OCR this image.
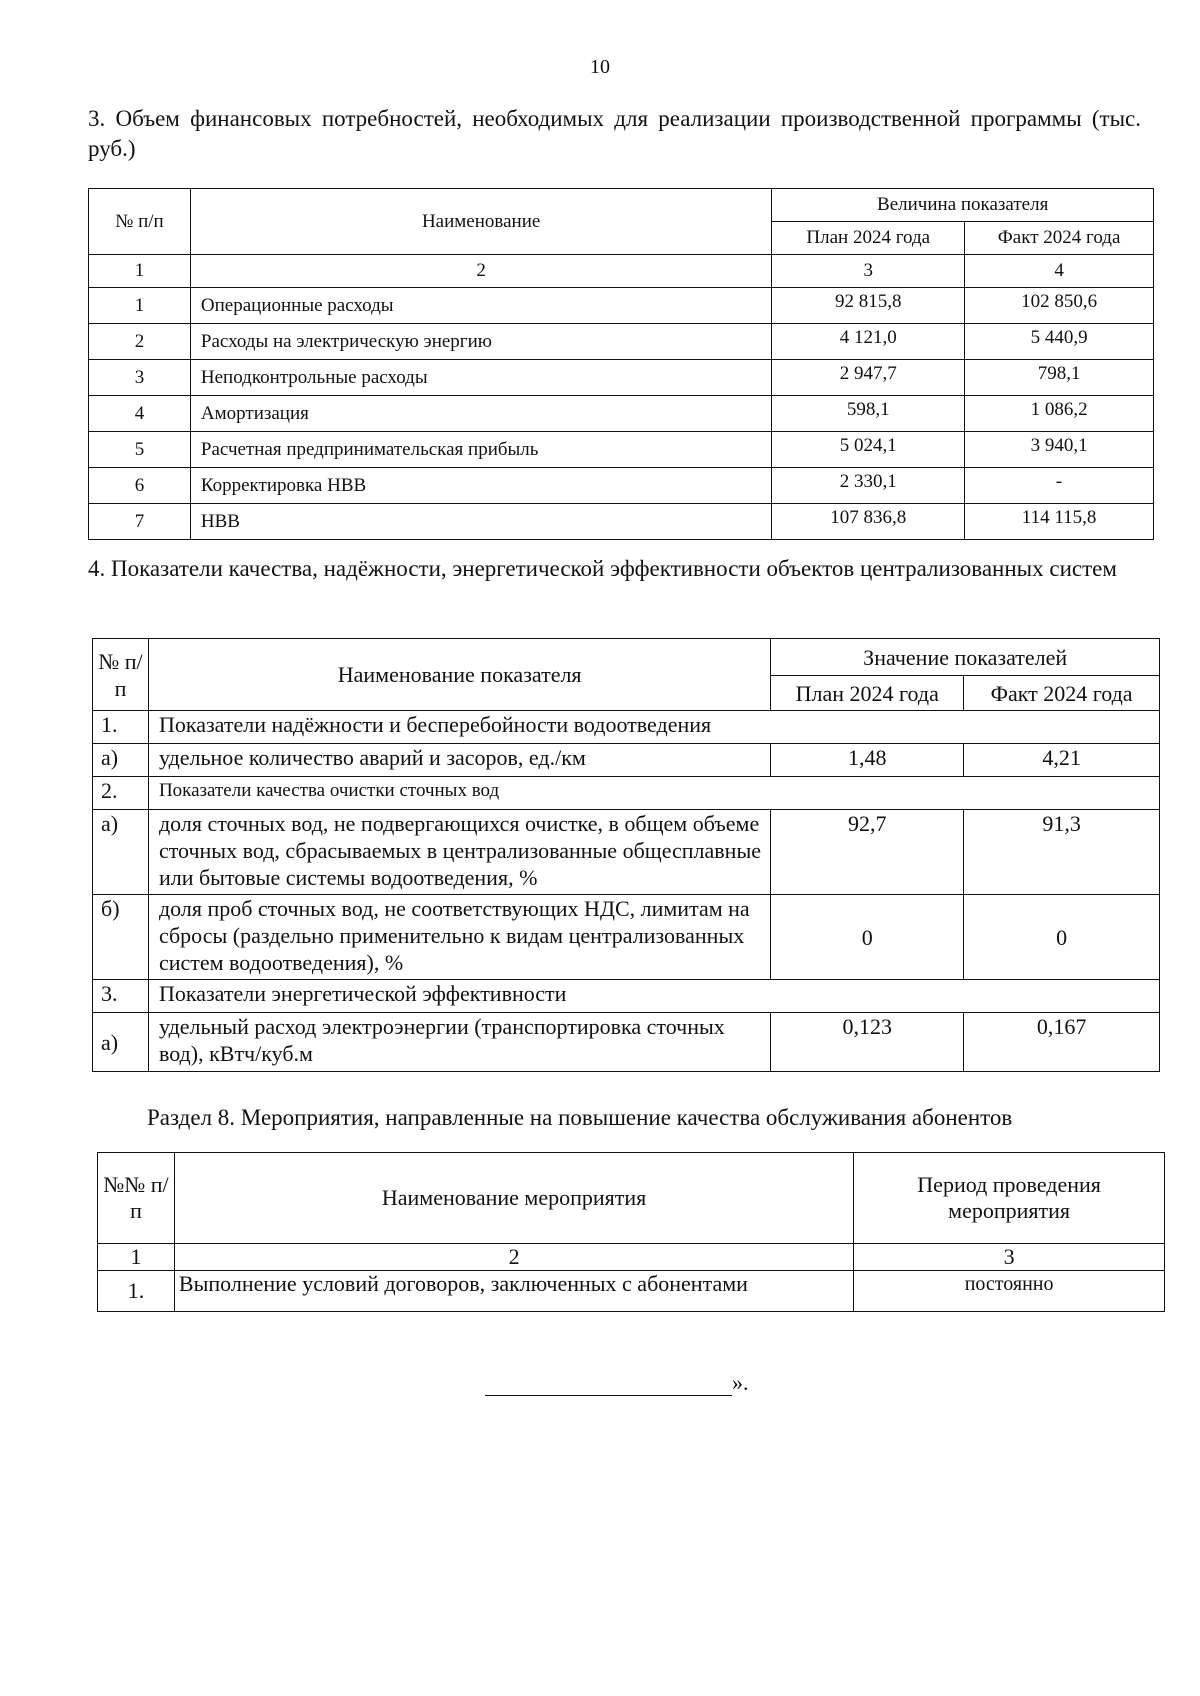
10
3. Объем финансовых потребностей, необходимых для реализации производственной программы (тыс. руб.)
№ п/п	Наименование	Величина показателя	
		План 2024 года	Факт 2024 года
1	2	3	4
1	Операционные расходы	92 815,8	102 850,6
2	Расходы на электрическую энергию	4 121,0	5 440,9
3	Неподконтрольные расходы	2 947,7	798,1
4	Амортизация	598,1	1 086,2
5	Расчетная предпринимательская прибыль	5 024,1	3 940,1
6	Корректировка НВВ	2 330,1	-
7	НВВ	107 836,8	114 115,8
4. Показатели качества, надёжности, энергетической эффективности объектов централизованных систем
№ п/п	Наименование показателя	Значение показателей	
		План 2024 года	Факт 2024 года
1.	Показатели надёжности и бесперебойности водоотведения		
а)	удельное количество аварий и засоров, ед./км	1,48	4,21
2.	Показатели качества очистки сточных вод		
а)	доля сточных вод, не подвергающихся очистке, в общем объеме сточных вод, сбрасываемых в централизованные общесплавные или бытовые системы водоотведения, %	92,7	91,3
б)	доля проб сточных вод, не соответствующих НДС, лимитам на сбросы (раздельно применительно к видам централизованных систем водоотведения), %	0	0
3.	Показатели энергетической эффективности		
а)	удельный расход электроэнергии (транспортировка сточных вод), кВтч/куб.м	0,123	0,167
Раздел 8. Мероприятия, направленные на повышение качества обслуживания абонентов
№№ п/п	Наименование мероприятия	Период проведения мероприятия
1	2	3
1.	Выполнение условий договоров, заключенных с абонентами	постоянно
».
